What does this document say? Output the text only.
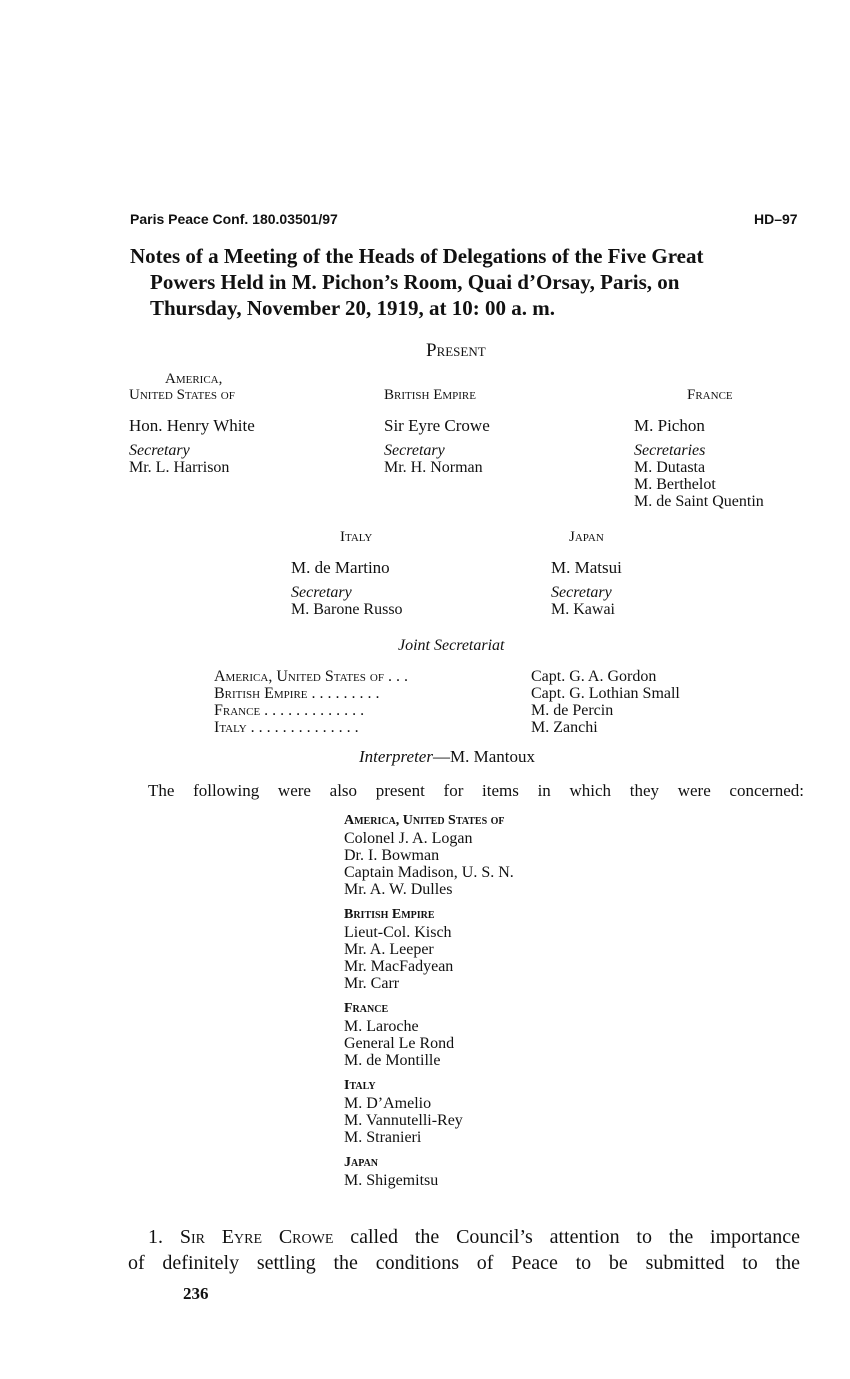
Paris Peace Conf. 180.03501/97	HD–97
Notes of a Meeting of the Heads of Delegations of the Five Great
Powers Held in M. Pichon’s Room, Quai d’Orsay, Paris, on
Thursday, November 20, 1919, at 10: 00 a. m.
Present
America,
United States of
Hon. Henry White
Secretary
Mr. L. Harrison
British Empire
Sir Eyre Crowe
Secretary
Mr. H. Norman
France
M. Pichon
Secretaries
M. Dutasta
M. Berthelot
M. de Saint Quentin
Italy
M. de Martino
Secretary
M. Barone Russo
Japan
M. Matsui
Secretary
M. Kawai
Joint Secretariat
America, United States of . . .	Capt. G. A. Gordon
British Empire . . . . . . . . .	Capt. G. Lothian Small
France . . . . . . . . . . . . .	M. de Percin
Italy . . . . . . . . . . . . . .	M. Zanchi
Interpreter—M. Mantoux
The following were also present for items in which they were concerned:
America, United States of
Colonel J. A. Logan
Dr. I. Bowman
Captain Madison, U. S. N.
Mr. A. W. Dulles
British Empire
Lieut-Col. Kisch
Mr. A. Leeper
Mr. MacFadyean
Mr. Carr
France
M. Laroche
General Le Rond
M. de Montille
Italy
M. D’Amelio
M. Vannutelli-Rey
M. Stranieri
Japan
M. Shigemitsu
1. Sir Eyre Crowe called the Council’s attention to the importance
of definitely settling the conditions of Peace to be submitted to the
236
